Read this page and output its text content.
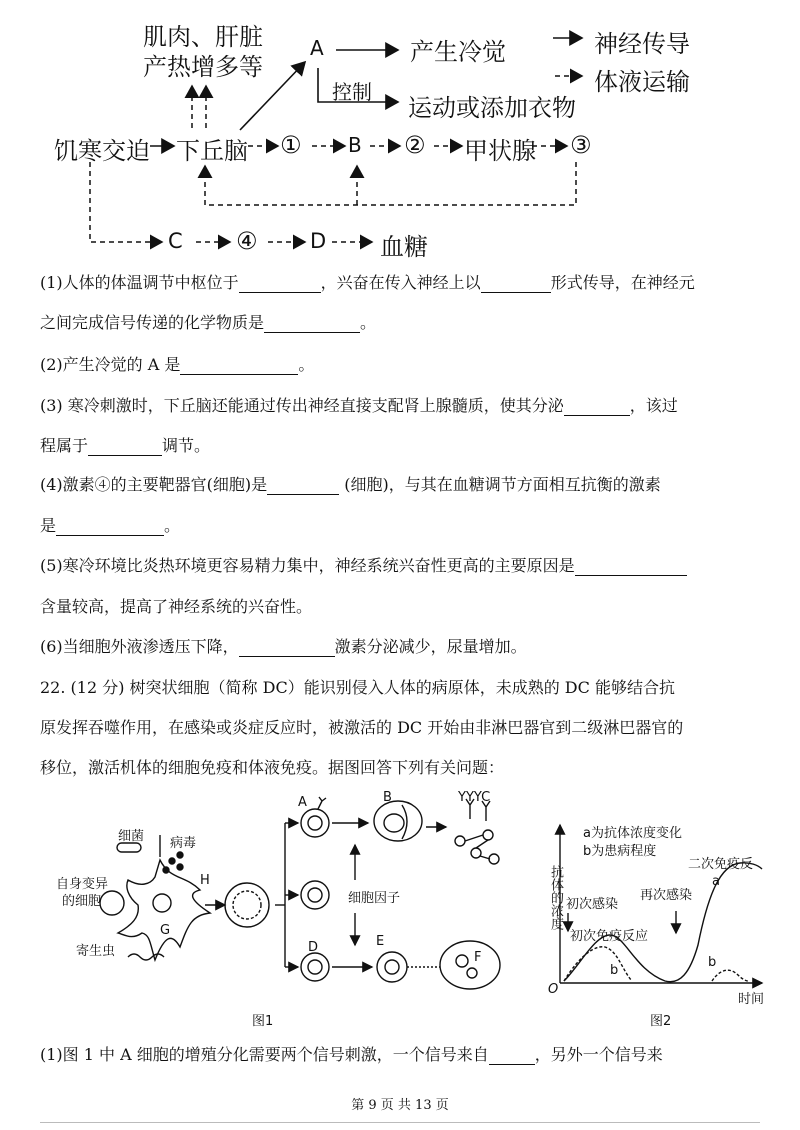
肌肉、肝脏
产热增多等
A	产生冷觉
控制
运动或添加衣物
神经传导
体液运输
饥寒交迫 下丘脑 ① B ② 甲状腺 ③
C ④ D 血糖
(1)人体的体温调节中枢位于	，兴奋在传入神经上以	形式传导，在神经元
之间完成信号传递的化学物质是	。
(2)产生冷觉的 A 是	。
(3) 寒冷刺激时，下丘脑还能通过传出神经直接支配肾上腺髓质，使其分泌	，该过
程属于	调节。
(4)激素④的主要靶器官(细胞)是	(细胞)，与其在血糖调节方面相互抗衡的激素
是	。
(5)寒冷环境比炎热环境更容易精力集中，神经系统兴奋性更高的主要原因是
含量较高，提高了神经系统的兴奋性。
(6)当细胞外液渗透压下降，	激素分泌减少，尿量增加。
22. (12 分) 树突状细胞（简称 DC）能识别侵入人体的病原体，未成熟的 DC 能够结合抗
原发挥吞噬作用，在感染或炎症反应时，被激活的 DC 开始由非淋巴器官到二级淋巴器官的
移位，激活机体的细胞免疫和体液免疫。据图回答下列有关问题：
细菌 病毒
自身变异
的细胞
寄生虫
G
H
A	B	YYYC
细胞因子
D	E
F
图1
a为抗体浓度变化
b为患病程度
二次免疫反
初次感染
再次感染
初次免疫反应
抗体的浓度
O
时间
a
b
b
图2
(1)图 1 中 A 细胞的增殖分化需要两个信号刺激，一个信号来自	，另外一个信号来
第 9 页 共 13 页
